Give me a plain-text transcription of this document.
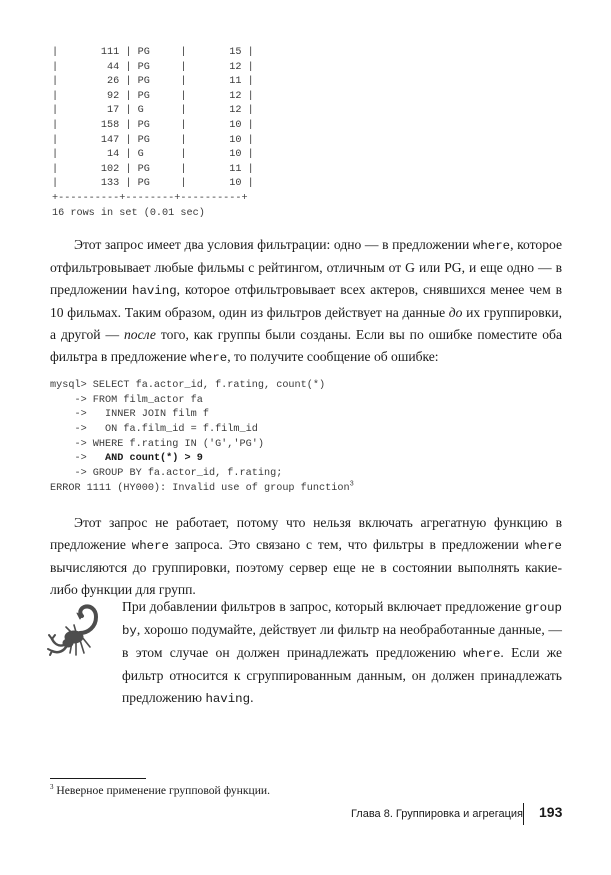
|       111 | PG     |       15 |
|        44 | PG     |       12 |
|        26 | PG     |       11 |
|        92 | PG     |       12 |
|        17 | G      |       12 |
|       158 | PG     |       10 |
|       147 | PG     |       10 |
|        14 | G      |       10 |
|       102 | PG     |       11 |
|       133 | PG     |       10 |
+----------+--------+----------+
16 rows in set (0.01 sec)

Этот запрос имеет два условия фильтрации: одно — в предложении where, которое отфильтровывает любые фильмы с рейтингом, отличным от G или PG, и еще одно — в предложении having, которое отфильтровывает всех актеров, снявшихся менее чем в 10 фильмах. Таким образом, один из фильтров действует на данные до их группировки, а другой — после того, как группы были созданы. Если вы по ошибке поместите оба фильтра в предложение where, то получите сообщение об ошибке:

mysql> SELECT fa.actor_id, f.rating, count(*)
-> FROM film_actor fa
->   INNER JOIN film f
->   ON fa.film_id = f.film_id
-> WHERE f.rating IN ('G','PG')
->   AND count(*) > 9
-> GROUP BY fa.actor_id, f.rating;
ERROR 1111 (HY000): Invalid use of group function$^3$

Этот запрос не работает, потому что нельзя включать агрегатную функцию в предложение where запроса. Это связано с тем, что фильтры в предложении where вычисляются до группировки, поэтому сервер еще не в состоянии выполнять какие-либо функции для групп.

При добавлении фильтров в запрос, который включает предложение group by, хорошо подумайте, действует ли фильтр на необработанные данные, — в этом случае он должен принадлежать предложению where. Если же фильтр относится к сгруппированным данным, он должен принадлежать предложению having.
$^3$ Неверное применение групповой функции.
Глава 8. Группировка и агрегация 193
